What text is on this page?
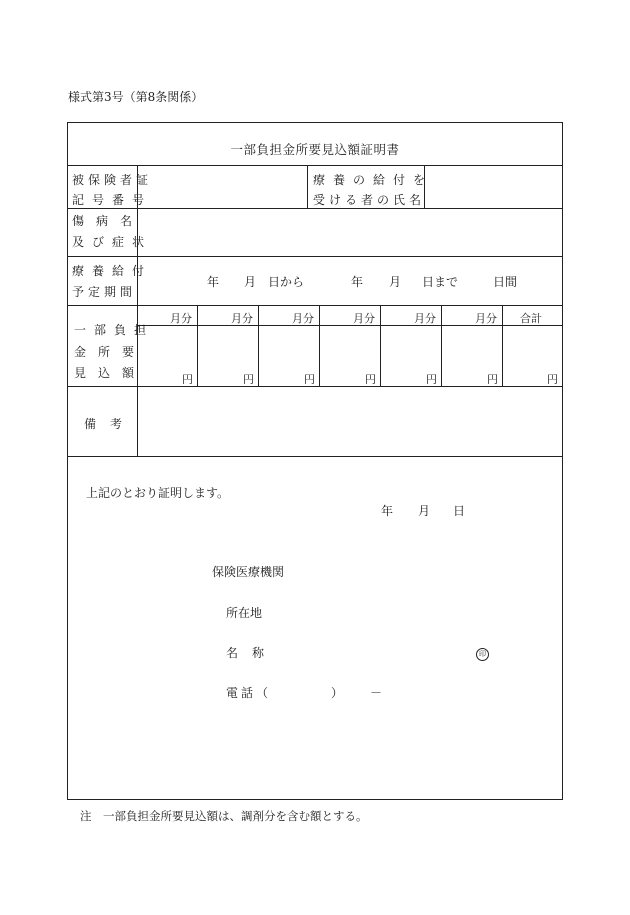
様式第3号（第8条関係）
一部負担金所要見込額証明書
被保険者証
記号番号
療養の給付を
受ける者の氏名
傷病名
及び症状
療養給付
予定期間
年 月 日から	年 月 日まで	日間
一部負担
金所要
見込額
月分	月分	月分	月分	月分	月分 合計
円	円	円	円	円	円	円
備考
上記のとおり証明します。
年 月 日
保険医療機関
所在地
名称	印
電話（　　　　）　　－
注　一部負担金所要見込額は、調剤分を含む額とする。
